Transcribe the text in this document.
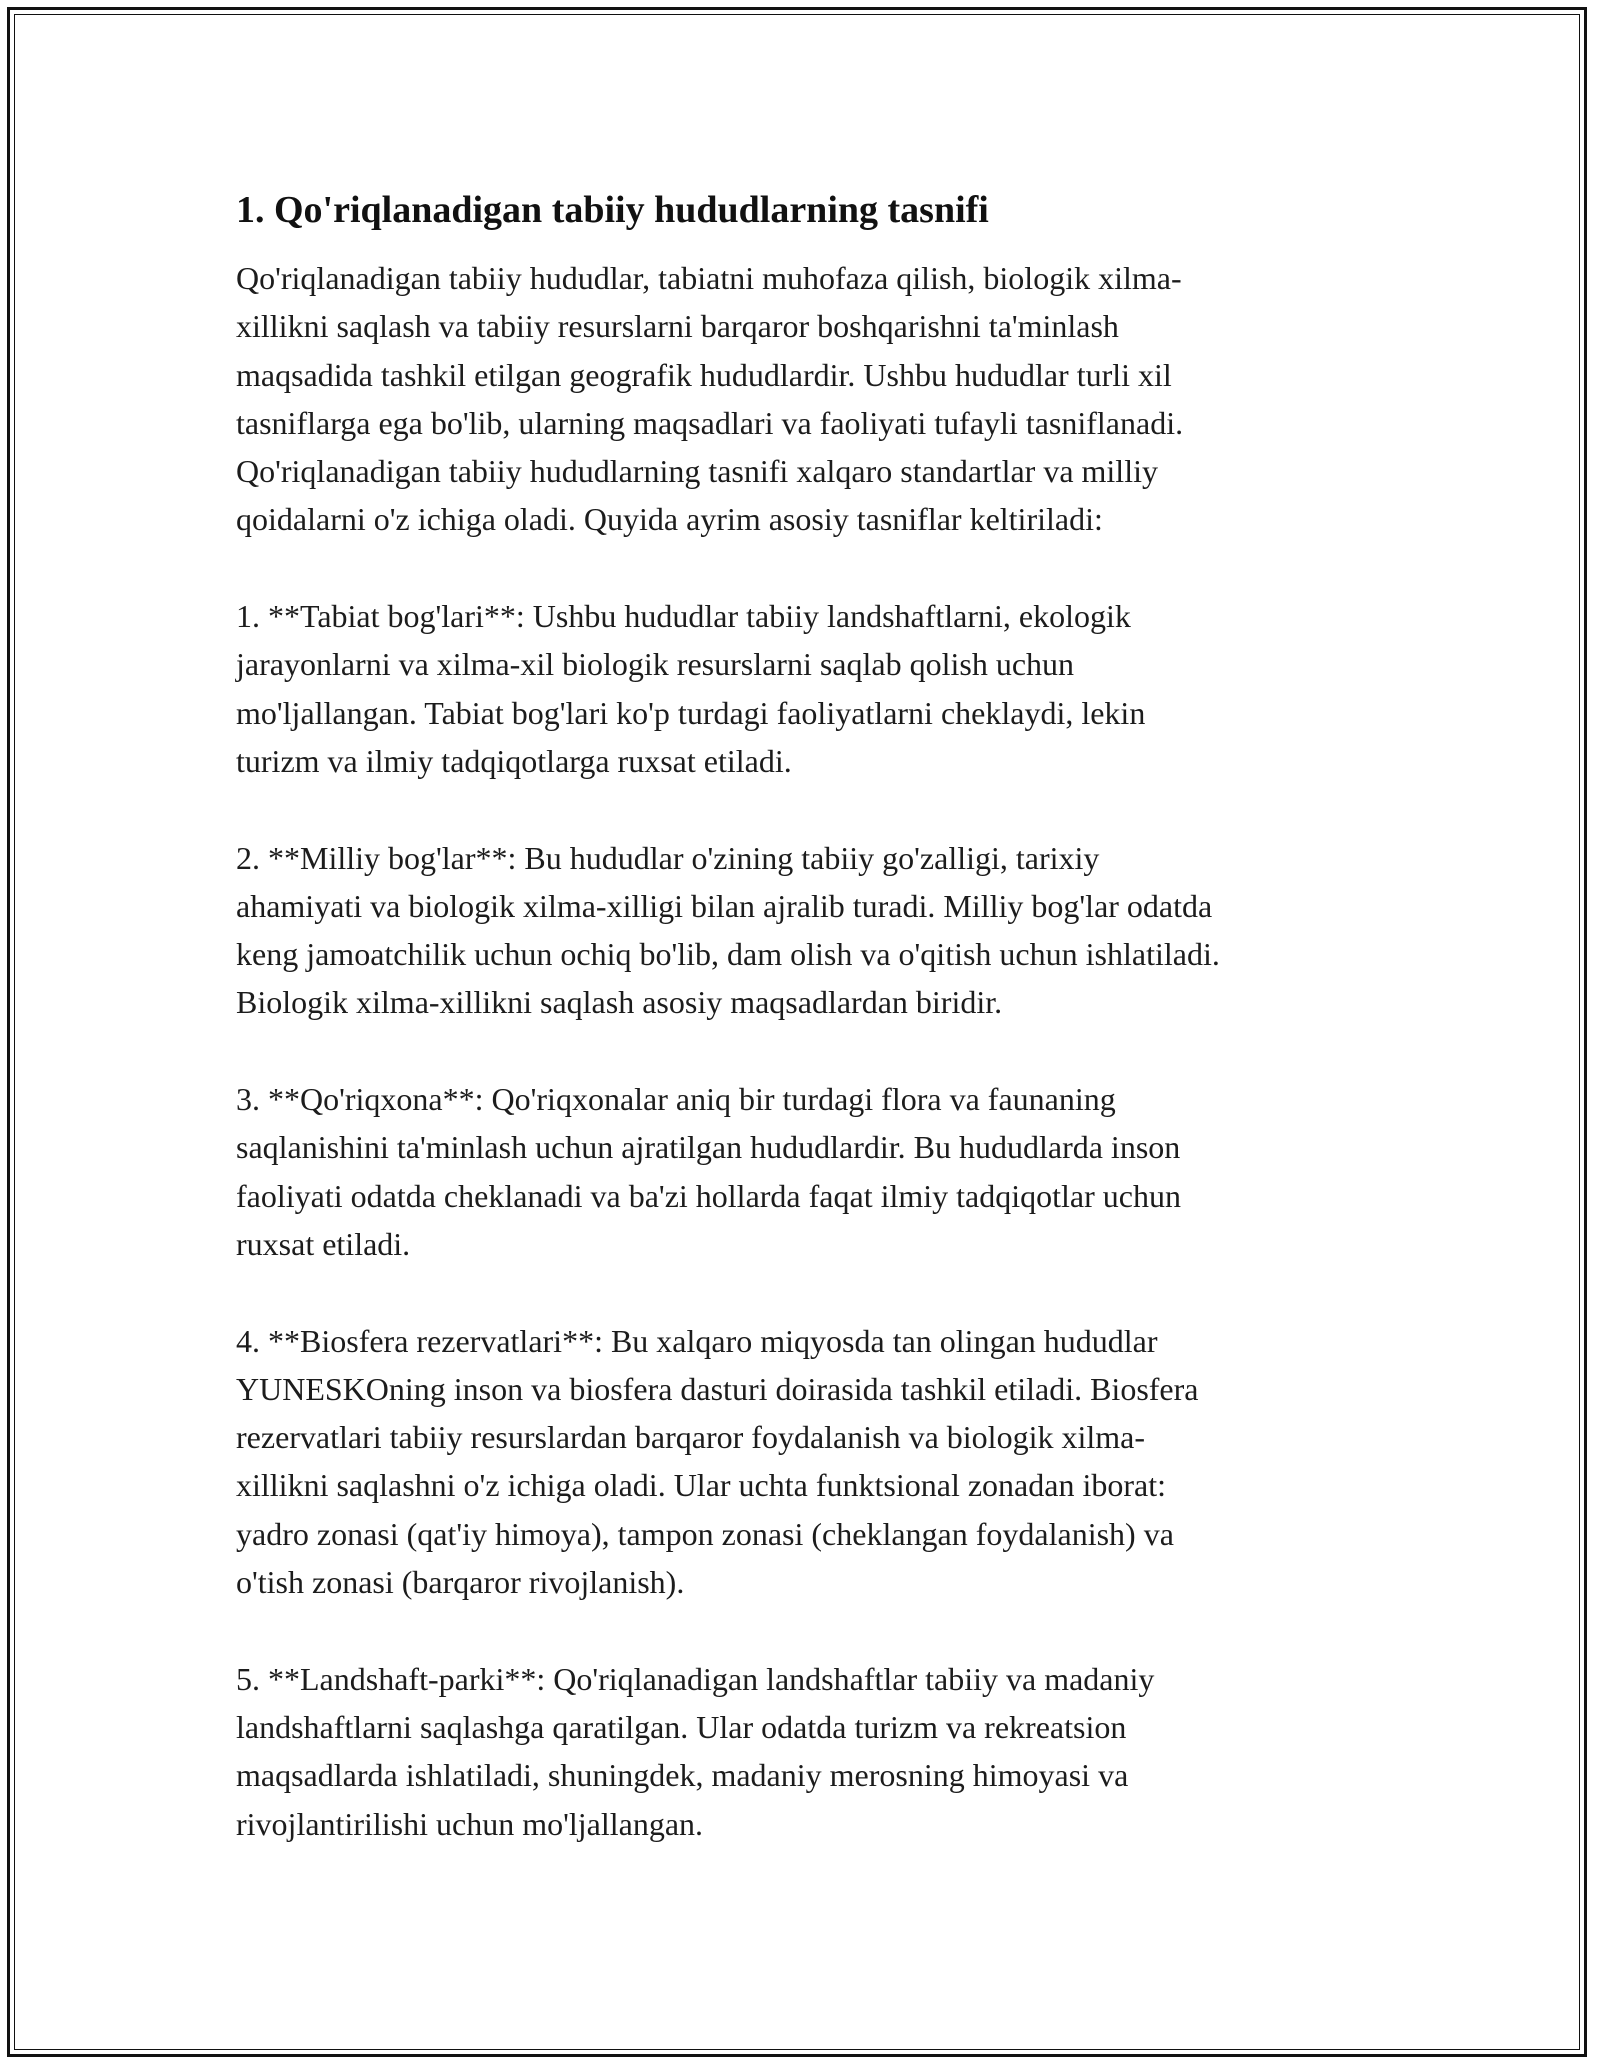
1. Qo'riqlanadigan tabiiy hududlarning tasnifi

Qo'riqlanadigan tabiiy hududlar, tabiatni muhofaza qilish, biologik xilma-
xillikni saqlash va tabiiy resurslarni barqaror boshqarishni ta'minlash
maqsadida tashkil etilgan geografik hududlardir. Ushbu hududlar turli xil
tasniflarga ega bo'lib, ularning maqsadlari va faoliyati tufayli tasniflanadi.
Qo'riqlanadigan tabiiy hududlarning tasnifi xalqaro standartlar va milliy
qoidalarni o'z ichiga oladi. Quyida ayrim asosiy tasniflar keltiriladi:

1. **Tabiat bog'lari**: Ushbu hududlar tabiiy landshaftlarni, ekologik
jarayonlarni va xilma-xil biologik resurslarni saqlab qolish uchun
mo'ljallangan. Tabiat bog'lari ko'p turdagi faoliyatlarni cheklaydi, lekin
turizm va ilmiy tadqiqotlarga ruxsat etiladi.

2. **Milliy bog'lar**: Bu hududlar o'zining tabiiy go'zalligi, tarixiy
ahamiyati va biologik xilma-xilligi bilan ajralib turadi. Milliy bog'lar odatda
keng jamoatchilik uchun ochiq bo'lib, dam olish va o'qitish uchun ishlatiladi.
Biologik xilma-xillikni saqlash asosiy maqsadlardan biridir.

3. **Qo'riqxona**: Qo'riqxonalar aniq bir turdagi flora va faunaning
saqlanishini ta'minlash uchun ajratilgan hududlardir. Bu hududlarda inson
faoliyati odatda cheklanadi va ba'zi hollarda faqat ilmiy tadqiqotlar uchun
ruxsat etiladi.

4. **Biosfera rezervatlari**: Bu xalqaro miqyosda tan olingan hududlar
YUNESKOning inson va biosfera dasturi doirasida tashkil etiladi. Biosfera
rezervatlari tabiiy resurslardan barqaror foydalanish va biologik xilma-
xillikni saqlashni o'z ichiga oladi. Ular uchta funktsional zonadan iborat:
yadro zonasi (qat'iy himoya), tampon zonasi (cheklangan foydalanish) va
o'tish zonasi (barqaror rivojlanish).

5. **Landshaft-parki**: Qo'riqlanadigan landshaftlar tabiiy va madaniy
landshaftlarni saqlashga qaratilgan. Ular odatda turizm va rekreatsion
maqsadlarda ishlatiladi, shuningdek, madaniy merosning himoyasi va
rivojlantirilishi uchun mo'ljallangan.
